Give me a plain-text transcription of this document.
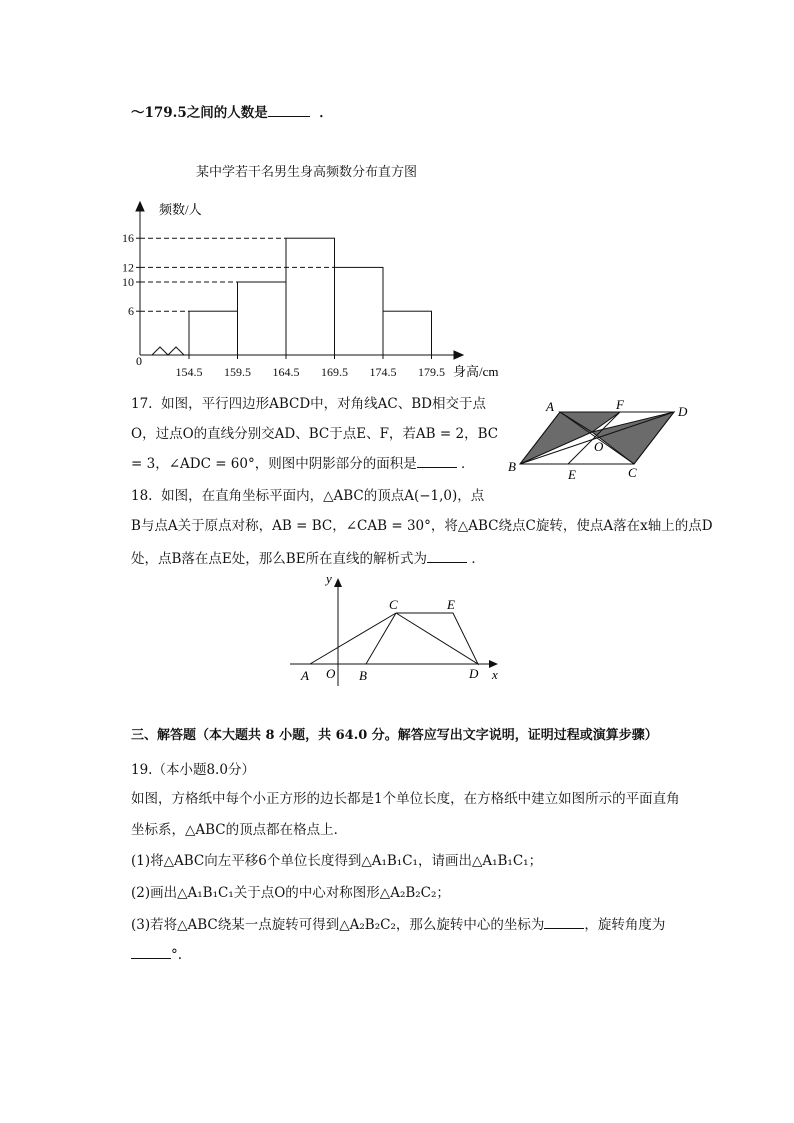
～179.5之间的人数是	．
某中学若干名男生身高频数分布直方图
频数/人
身高/cm
0
6
10
12
16
154.5 159.5 164.5 169.5 174.5 179.5
17. 如图，平行四边形ABCD中，对角线AC、BD相交于点
O，过点O的直线分别交AD、BC于点E、F，若AB = 2，BC
= 3，∠ADC = 60°，则图中阴影部分的面积是	．
A	F	D
O
B
E	C
18. 如图，在直角坐标平面内，△ABC的顶点A(−1,0)，点
B与点A关于原点对称，AB = BC，∠CAB = 30°，将△ABC绕点C旋转，使点A落在x轴上的点D
处，点B落在点E处，那么BE所在直线的解析式为	．
y
x
C	E
A O B	D
三、解答题（本大题共 8 小题，共 64.0 分。解答应写出文字说明，证明过程或演算步骤）
19.（本小题8.0分）
如图，方格纸中每个小正方形的边长都是1个单位长度，在方格纸中建立如图所示的平面直角
坐标系，△ABC的顶点都在格点上．
(1)将△ABC向左平移6个单位长度得到△A₁B₁C₁，请画出△A₁B₁C₁；
(2)画出△A₁B₁C₁关于点O的中心对称图形△A₂B₂C₂；
(3)若将△ABC绕某一点旋转可得到△A₂B₂C₂，那么旋转中心的坐标为	，旋转角度为
°.
